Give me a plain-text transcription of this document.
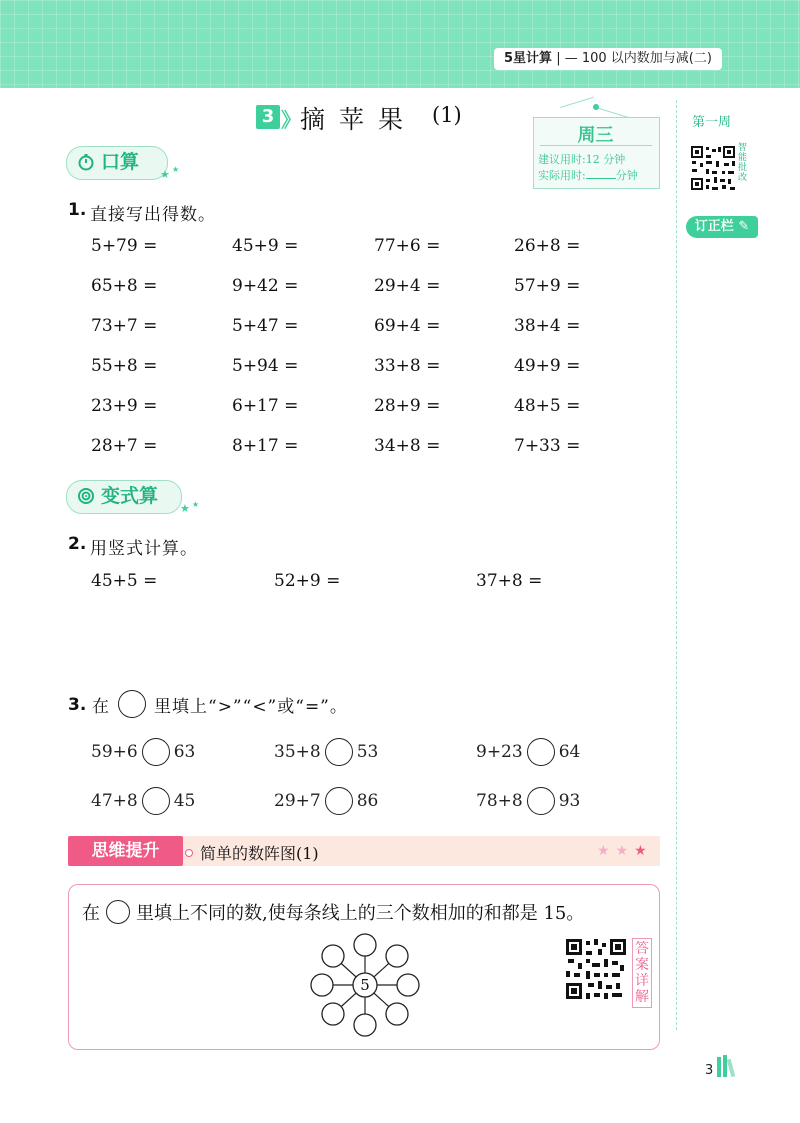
5星计算 | — 100 以内数加与减(二)
3 》 摘苹果 (1)
周三
建议用时:12 分钟
实际用时:	分钟
口算
★ ★
1. 直接写出得数。
5+79 =	45+9 =	77+6 =	26+8 =
65+8 =	9+42 =	29+4 =	57+9 =
73+7 =	5+47 =	69+4 =	38+4 =
55+8 =	5+94 =	33+8 =	49+9 =
23+9 =	6+17 =	28+9 =	48+5 =
28+7 =	8+17 =	34+8 =	7+33 =
变式算
★ ★
2. 用竖式计算。
45+5 =	52+9 =	37+8 =
3. 在	里填上“>”“<”或“=”。
59+6 63	35+8 53	9+23 64
47+8 45	29+7 86	78+8 93
思维提升	简单的数阵图(1)	★★★
在 里填上不同的数,使每条线上的三个数相加的和都是 15。
5
答案详解
第一周
智能批改
订正栏 ✎
3
